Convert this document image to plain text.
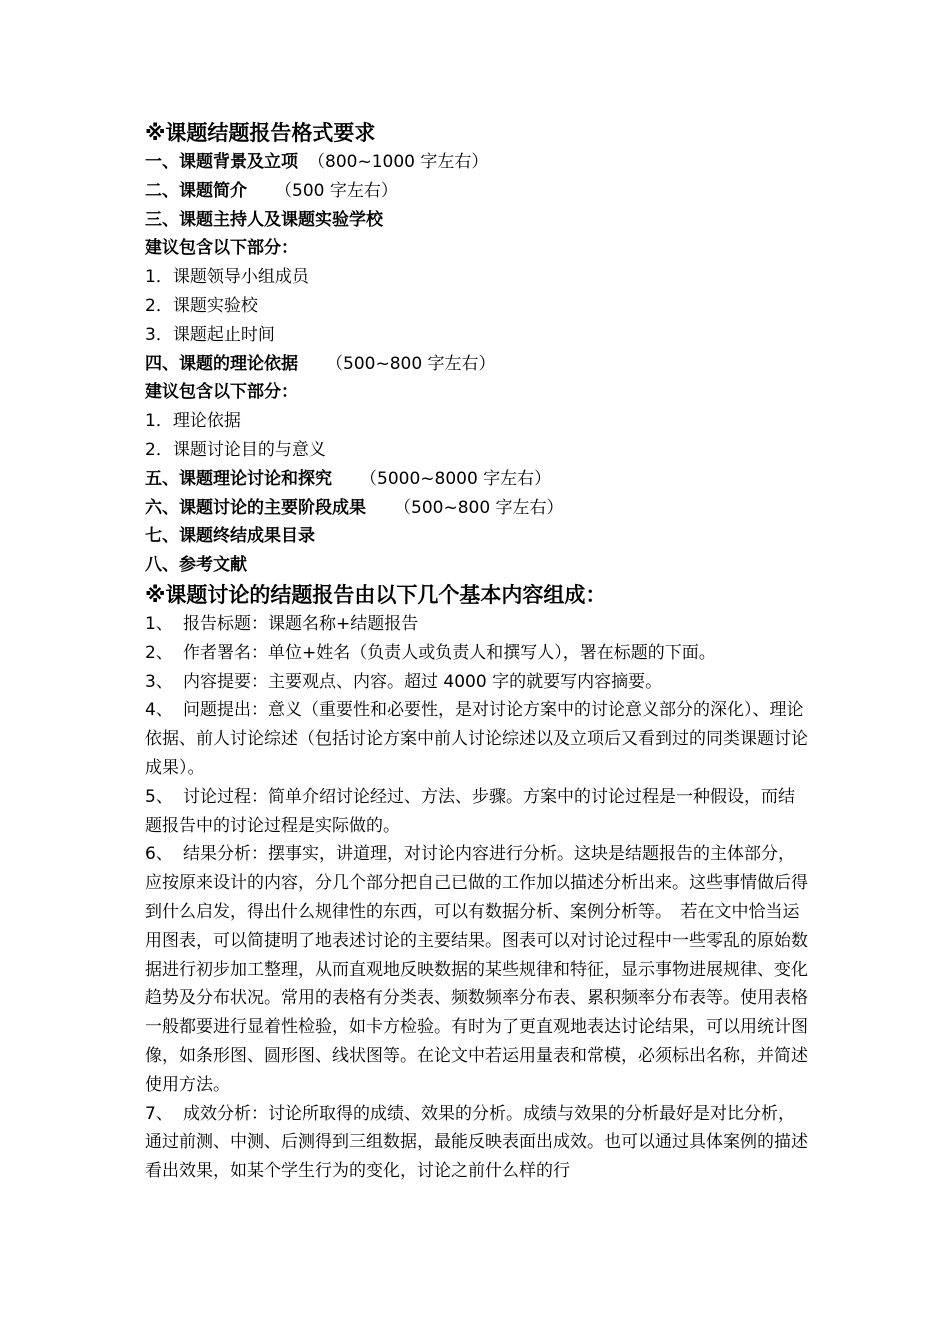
※课题结题报告格式要求
一、课题背景及立项 （800~1000 字左右）
二、课题简介 （500 字左右）
三、课题主持人及课题实验学校
建议包含以下部分：
1．课题领导小组成员
2．课题实验校
3．课题起止时间
四、课题的理论依据 （500~800 字左右）
建议包含以下部分：
1．理论依据
2．课题讨论目的与意义
五、课题理论讨论和探究 （5000~8000 字左右）
六、课题讨论的主要阶段成果 （500~800 字左右）
七、课题终结成果目录
八、参考文献
※课题讨论的结题报告由以下几个基本内容组成：
1、 报告标题：课题名称+结题报告
2、 作者署名：单位+姓名（负责人或负责人和撰写人），署在标题的下面。
3、 内容提要：主要观点、内容。超过 4000 字的就要写内容摘要。
4、 问题提出：意义（重要性和必要性，是对讨论方案中的讨论意义部分的深化）、理论依据、前人讨论综述（包括讨论方案中前人讨论综述以及立项后又看到过的同类课题讨论成果）。
5、 讨论过程：简单介绍讨论经过、方法、步骤。方案中的讨论过程是一种假设，而结题报告中的讨论过程是实际做的。
6、 结果分析：摆事实，讲道理，对讨论内容进行分析。这块是结题报告的主体部分，应按原来设计的内容，分几个部分把自己已做的工作加以描述分析出来。这些事情做后得到什么启发，得出什么规律性的东西，可以有数据分析、案例分析等。　若在文中恰当运用图表，可以简捷明了地表述讨论的主要结果。图表可以对讨论过程中一些零乱的原始数据进行初步加工整理，从而直观地反映数据的某些规律和特征，显示事物进展规律、变化趋势及分布状况。常用的表格有分类表、频数频率分布表、累积频率分布表等。使用表格一般都要进行显着性检验，如卡方检验。有时为了更直观地表达讨论结果，可以用统计图像，如条形图、圆形图、线状图等。在论文中若运用量表和常模，必须标出名称，并简述使用方法。
7、 成效分析：讨论所取得的成绩、效果的分析。成绩与效果的分析最好是对比分析，通过前测、中测、后测得到三组数据，最能反映表面出成效。也可以通过具体案例的描述看出效果，如某个学生行为的变化，讨论之前什么样的行
